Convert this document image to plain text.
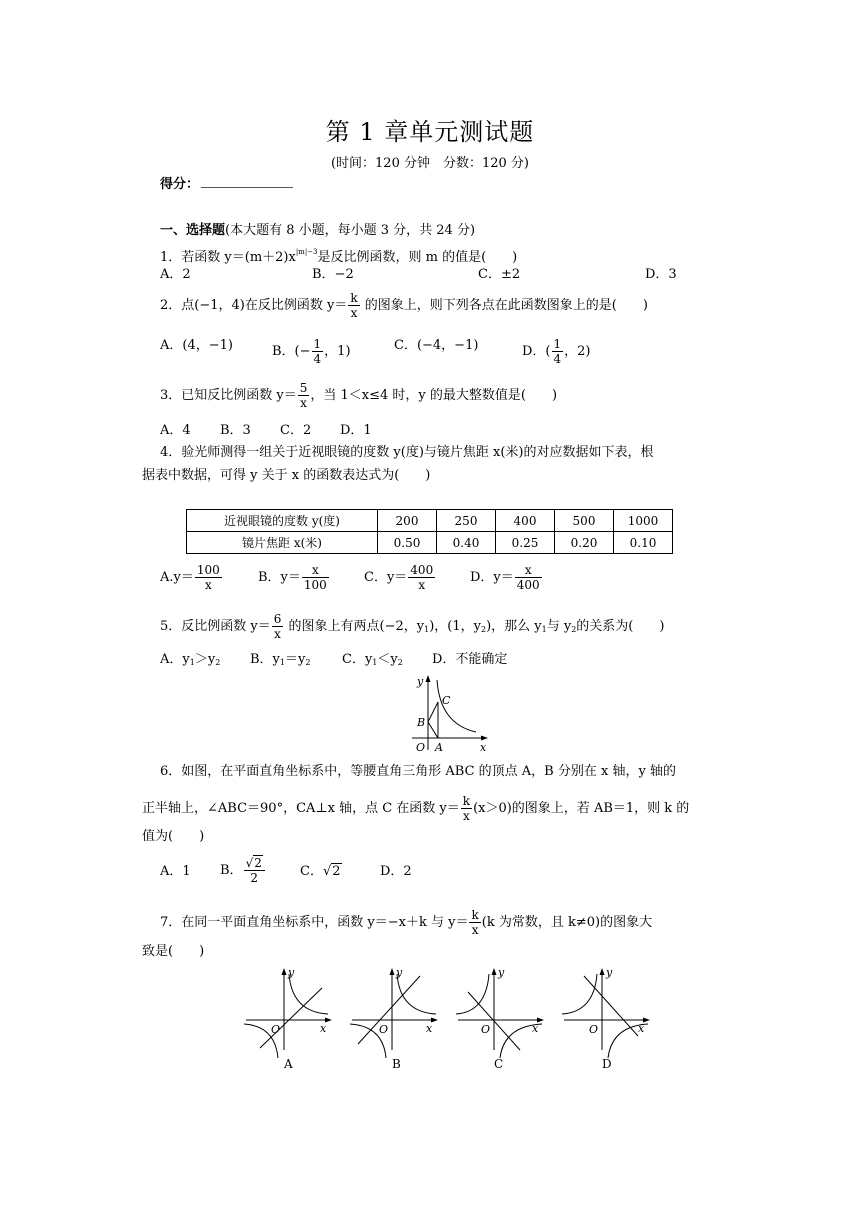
第 1 章单元测试题
(时间：120 分钟　分数：120 分)
得分：
一、选择题(本大题有 8 小题，每小题 3 分，共 24 分)
1．若函数 $y=(m+2)x^{|m|-3}$是反比例函数，则 m 的值是(　　)
A．2	B．−2	C．±2	D．3
2．点(−1，4)在反比例函数 $y= \frac{k}{x}$ 的图象上，则下列各点在此函数图象上的是(　　)
A．(4，−1)	B．(− $\frac{1}{4}$ ，1)	C．(−4，−1)	D．( $\frac{1}{4}$ ，2)
3．已知反比例函数 $y= \frac{5}{x}$ ，当 1＜x≤4 时，y 的最大整数值是(　　)
A．4 B．3 C．2 D．1
4．验光师测得一组关于近视眼镜的度数 y(度)与镜片焦距 x(米)的对应数据如下表，根
据表中数据，可得 y 关于 x 的函数表达式为(　　)
近视眼镜的度数 y(度)	200	250	400	500	1000
镜片焦距 x(米)	0.50	0.40	0.25	0.20	0.10
$A.y= \frac{100}{x}$	B．$y= \frac{x}{100}$	C．$y= \frac{400}{x}$	D．$y= \frac{x}{400}$
5．反比例函数 $y= \frac{6}{x}$ 的图象上有两点(−2，$y_1$)，(1，$y_2$)，那么 $y_1$与 $y_2$的关系为(　　)
A．$y_1>y_2$ B．$y_1=y_2$ C．$y_1<y_2$ D．不能确定
y
x
O A
B
C
6．如图，在平面直角坐标系中，等腰直角三角形 ABC 的顶点 A，B 分别在 x 轴，y 轴的
正半轴上，∠ABC＝90°，CA⊥x 轴，点 C 在函数 $y= \frac{k}{x} (x>0)$的图象上，若 AB＝1，则 k 的
值为(　　)
A．1 B． $\frac{√2}{2}$	C．√2	D．2
7．在同一平面直角坐标系中，函数 y＝−x＋k 与 $y= \frac{k}{x} (k$ 为常数，且 k≠0)的图象大
致是(　　)
y
x
O
A
y
x
O
B
y
x
O
C
y
x
O
D
